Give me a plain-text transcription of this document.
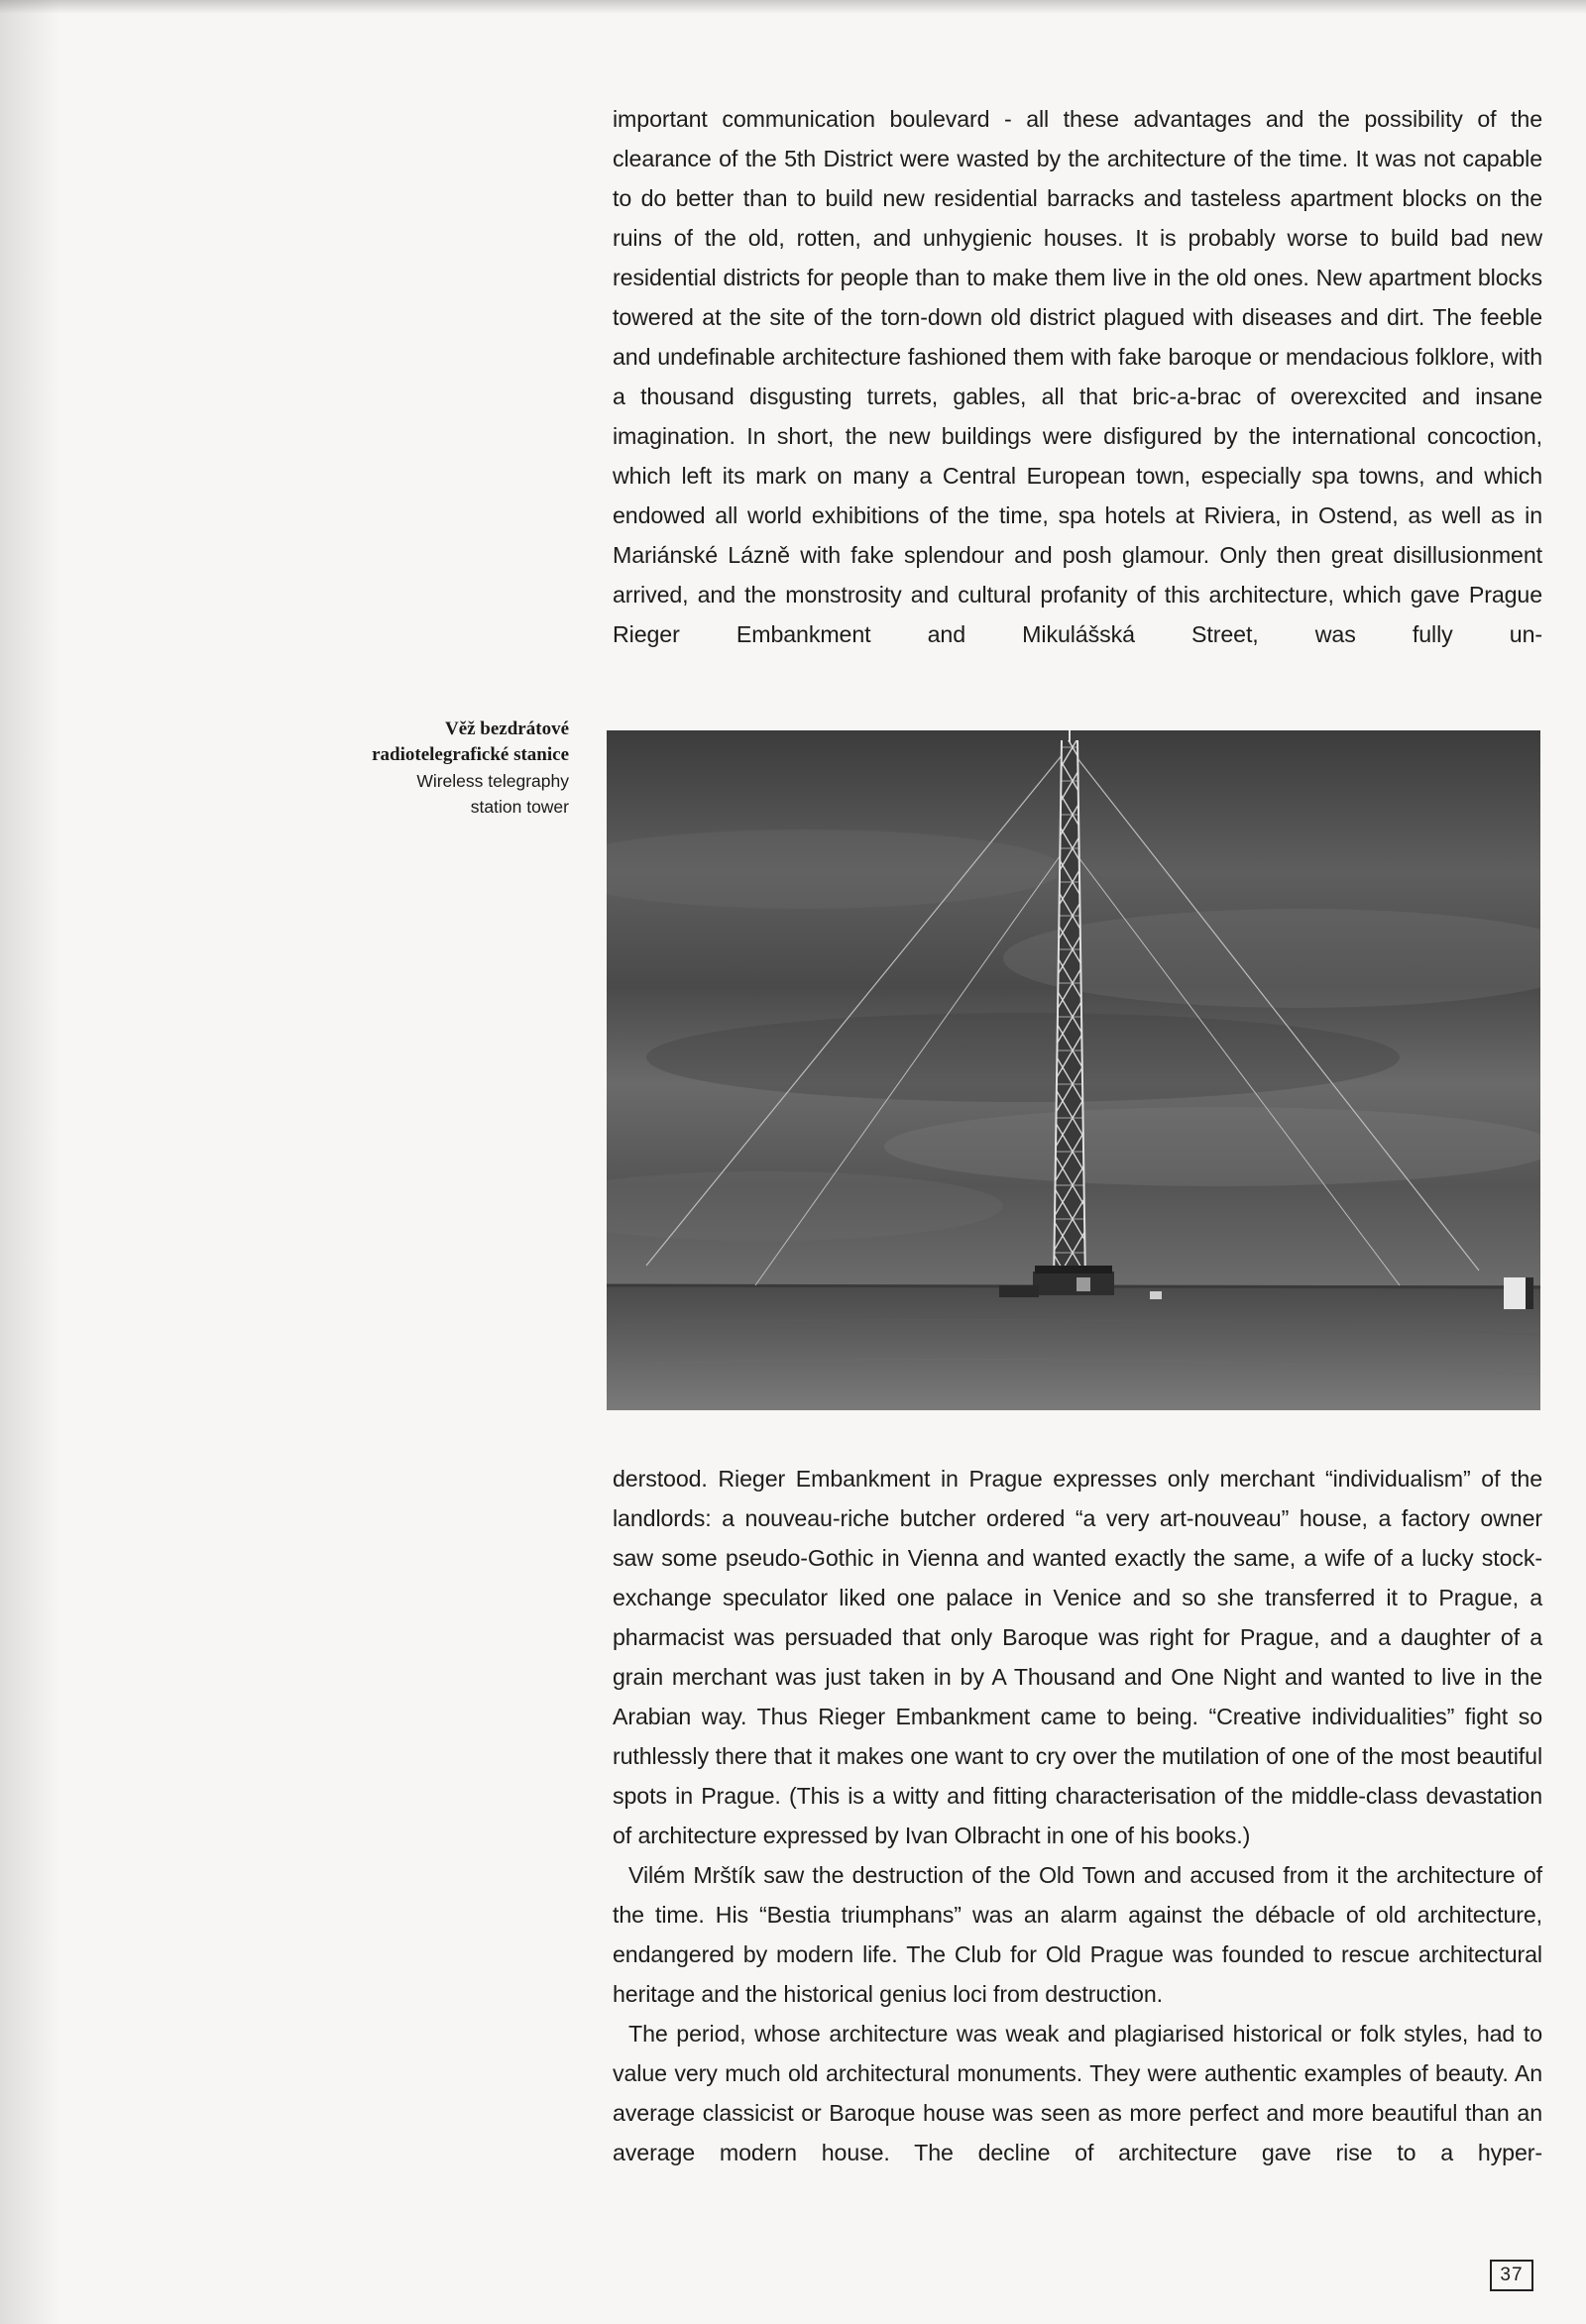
important communication boulevard - all these advantages and the possibility of the clearance of the 5th District were wasted by the architecture of the time. It was not capable to do better than to build new residential barracks and tasteless apartment blocks on the ruins of the old, rotten, and unhygienic houses. It is probably worse to build bad new residential districts for people than to make them live in the old ones. New apartment blocks towered at the site of the torn-down old district plagued with diseases and dirt. The feeble and undefinable architecture fashioned them with fake baroque or mendacious folklore, with a thousand disgusting turrets, gables, all that bric-a-brac of overexcited and insane imagination. In short, the new buildings were disfigured by the international concoction, which left its mark on many a Central European town, especially spa towns, and which endowed all world exhibitions of the time, spa hotels at Riviera, in Ostend, as well as in Mariánské Lázně with fake splendour and posh glamour. Only then great disillusionment arrived, and the monstrosity and cultural profanity of this architecture, which gave Prague Rieger Embankment and Mikulášská Street, was fully un-

Věž bezdrátové
radiotelegrafické stanice
Wireless telegraphy
station tower

derstood. Rieger Embankment in Prague expresses only merchant “individualism” of the landlords: a nouveau-riche butcher ordered “a very art-nouveau” house, a factory owner saw some pseudo-Gothic in Vienna and wanted exactly the same, a wife of a lucky stock-exchange speculator liked one palace in Venice and so she transferred it to Prague, a pharmacist was persuaded that only Baroque was right for Prague, and a daughter of a grain merchant was just taken in by A Thousand and One Night and wanted to live in the Arabian way. Thus Rieger Embankment came to being. “Creative individualities” fight so ruthlessly there that it makes one want to cry over the mutilation of one of the most beautiful spots in Prague. (This is a witty and fitting characterisation of the middle-class devastation of architecture expressed by Ivan Olbracht in one of his books.)

Vilém Mrštík saw the destruction of the Old Town and accused from it the architecture of the time. His “Bestia triumphans” was an alarm against the débacle of old architecture, endangered by modern life. The Club for Old Prague was founded to rescue architectural heritage and the historical genius loci from destruction.

The period, whose architecture was weak and plagiarised historical or folk styles, had to value very much old architectural monuments. They were authentic examples of beauty. An average classicist or Baroque house was seen as more perfect and more beautiful than an average modern house. The decline of architecture gave rise to a hyper-

37
